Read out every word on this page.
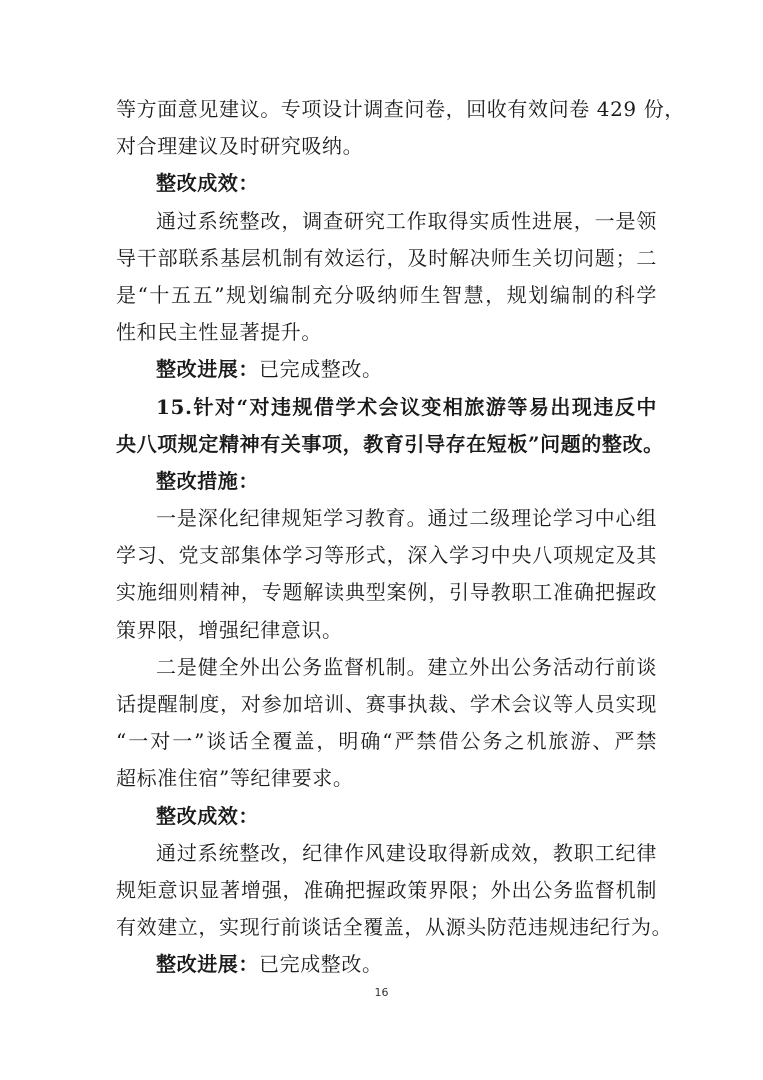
等方面意见建议。专项设计调查问卷，回收有效问卷 429 份，
对合理建议及时研究吸纳。
整改成效：
通过系统整改，调查研究工作取得实质性进展，一是领
导干部联系基层机制有效运行，及时解决师生关切问题；二
是“十五五”规划编制充分吸纳师生智慧，规划编制的科学
性和民主性显著提升。
整改进展：已完成整改。
15.针对“对违规借学术会议变相旅游等易出现违反中
央八项规定精神有关事项，教育引导存在短板”问题的整改。
整改措施：
一是深化纪律规矩学习教育。通过二级理论学习中心组
学习、党支部集体学习等形式，深入学习中央八项规定及其
实施细则精神，专题解读典型案例，引导教职工准确把握政
策界限，增强纪律意识。
二是健全外出公务监督机制。建立外出公务活动行前谈
话提醒制度，对参加培训、赛事执裁、学术会议等人员实现
“一对一”谈话全覆盖，明确“严禁借公务之机旅游、严禁
超标准住宿”等纪律要求。
整改成效：
通过系统整改，纪律作风建设取得新成效，教职工纪律
规矩意识显著增强，准确把握政策界限；外出公务监督机制
有效建立，实现行前谈话全覆盖，从源头防范违规违纪行为。
整改进展：已完成整改。
16
